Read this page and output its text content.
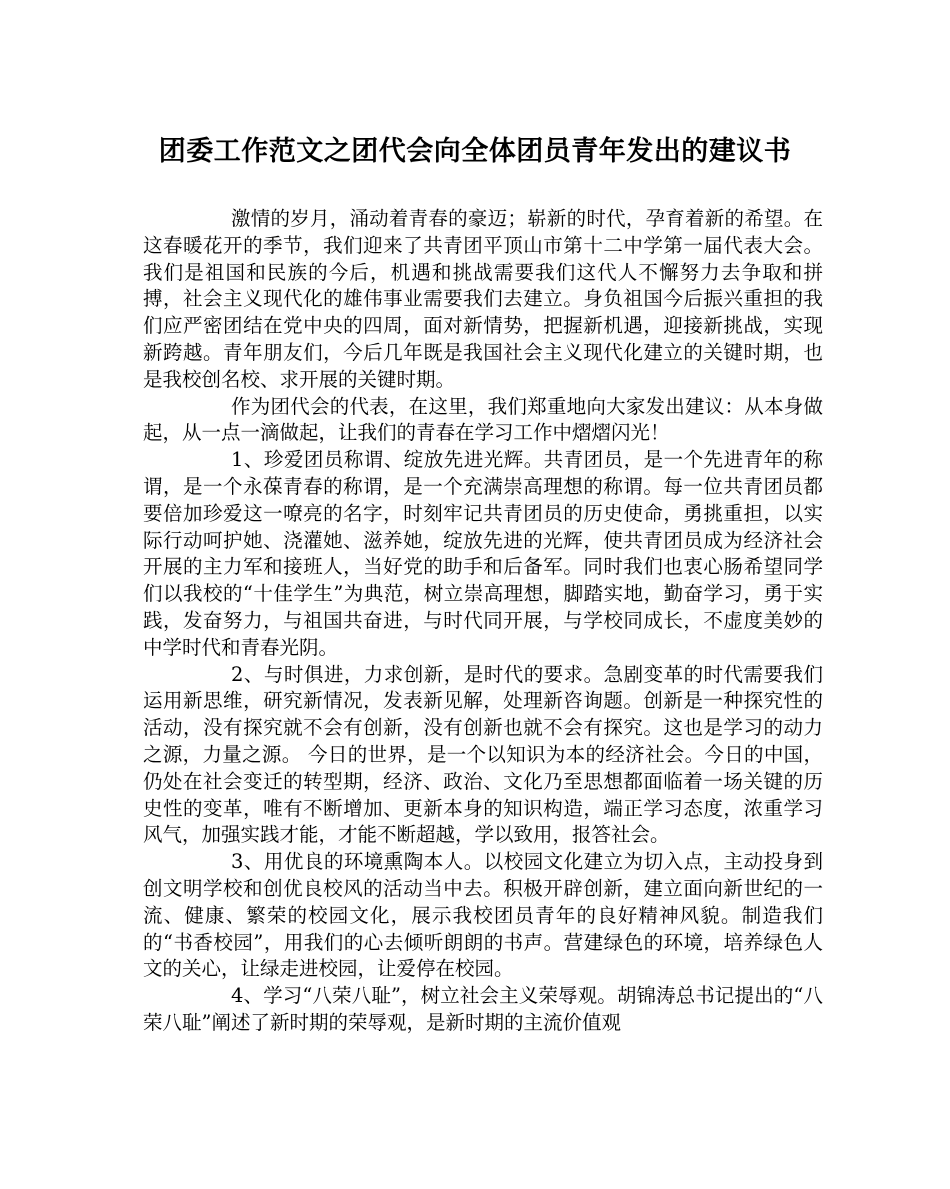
团委工作范文之团代会向全体团员青年发出的建议书

激情的岁月，涌动着青春的豪迈；崭新的时代，孕育着新的希望。在这春暖花开的季节，我们迎来了共青团平顶山市第十二中学第一届代表大会。我们是祖国和民族的今后，机遇和挑战需要我们这代人不懈努力去争取和拼搏，社会主义现代化的雄伟事业需要我们去建立。身负祖国今后振兴重担的我们应严密团结在党中央的四周，面对新情势，把握新机遇，迎接新挑战，实现新跨越。青年朋友们，今后几年既是我国社会主义现代化建立的关键时期，也是我校创名校、求开展的关键时期。

作为团代会的代表，在这里，我们郑重地向大家发出建议：从本身做起，从一点一滴做起，让我们的青春在学习工作中熠熠闪光！

1、珍爱团员称谓、绽放先进光辉。共青团员，是一个先进青年的称谓，是一个永葆青春的称谓，是一个充满崇高理想的称谓。每一位共青团员都要倍加珍爱这一嘹亮的名字，时刻牢记共青团员的历史使命，勇挑重担，以实际行动呵护她、浇灌她、滋养她，绽放先进的光辉，使共青团员成为经济社会开展的主力军和接班人，当好党的助手和后备军。同时我们也衷心肠希望同学们以我校的“十佳学生”为典范，树立崇高理想，脚踏实地，勤奋学习，勇于实践，发奋努力，与祖国共奋进，与时代同开展，与学校同成长，不虚度美妙的中学时代和青春光阴。

2、与时俱进，力求创新，是时代的要求。急剧变革的时代需要我们运用新思维，研究新情况，发表新见解，处理新咨询题。创新是一种探究性的活动，没有探究就不会有创新，没有创新也就不会有探究。这也是学习的动力之源，力量之源。 今日的世界，是一个以知识为本的经济社会。今日的中国，仍处在社会变迁的转型期，经济、政治、文化乃至思想都面临着一场关键的历史性的变革，唯有不断增加、更新本身的知识构造，端正学习态度，浓重学习风气，加强实践才能，才能不断超越，学以致用，报答社会。

3、用优良的环境熏陶本人。以校园文化建立为切入点，主动投身到创文明学校和创优良校风的活动当中去。积极开辟创新，建立面向新世纪的一流、健康、繁荣的校园文化，展示我校团员青年的良好精神风貌。制造我们的“书香校园”，用我们的心去倾听朗朗的书声。营建绿色的环境，培养绿色人文的关心，让绿走进校园，让爱停在校园。

4、学习“八荣八耻”，树立社会主义荣辱观。胡锦涛总书记提出的“八荣八耻”阐述了新时期的荣辱观，是新时期的主流价值观
